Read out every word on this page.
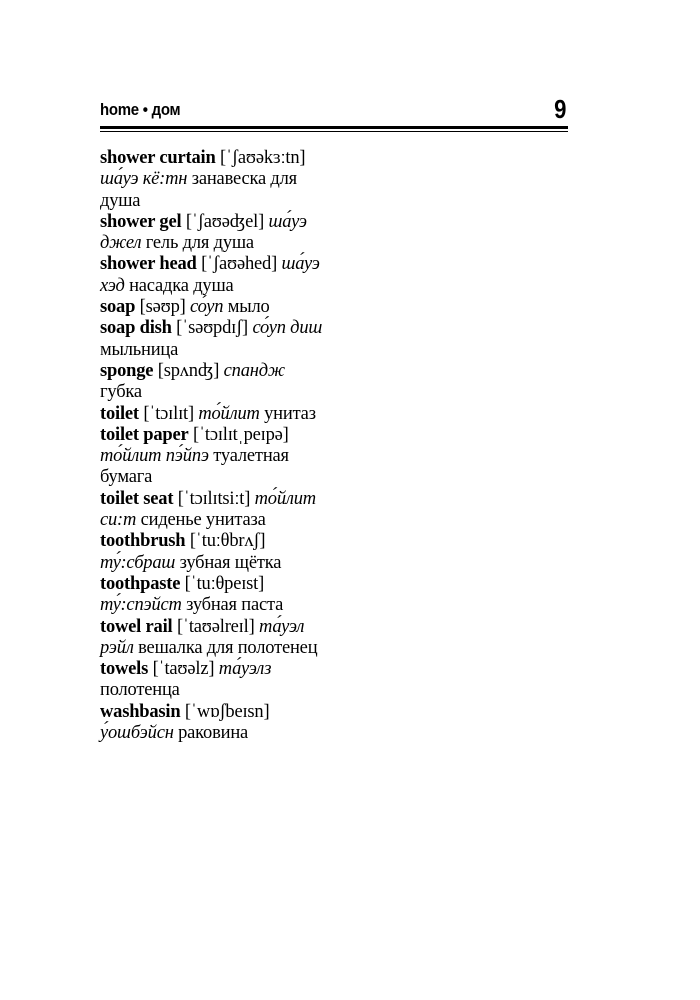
home • дом	9
shower curtain [ˈʃaʊəkɜːtn] ша́уэ кё:тн занавеска для душа
shower gel [ˈʃaʊəʤel] ша́уэ джел гель для душа
shower head [ˈʃaʊəhed] ша́уэ хэд насадка душа
soap [səʊp] со́уп мыло
soap dish [ˈsəʊpdɪʃ] со́уп диш мыльница
sponge [spʌnʤ] спандж губка
toilet [ˈtɔɪlɪt] то́йлит унитаз
toilet paper [ˈtɔɪlɪtˌpeɪpə] то́йлит пэ́йпэ туалетная бумага
toilet seat [ˈtɔɪlɪtsiːt] то́йлит си:т сиденье унитаза
toothbrush [ˈtuːθbrʌʃ] ту́:сбраш зубная щётка
toothpaste [ˈtuːθpeɪst] ту́:спэйст зубная паста
towel rail [ˈtaʊəlreɪl] та́уэл рэйл вешалка для полотенец
towels [ˈtaʊəlz] та́уэлз полотенца
washbasin [ˈwɒʃbeɪsn] у́ошбэйсн раковина
